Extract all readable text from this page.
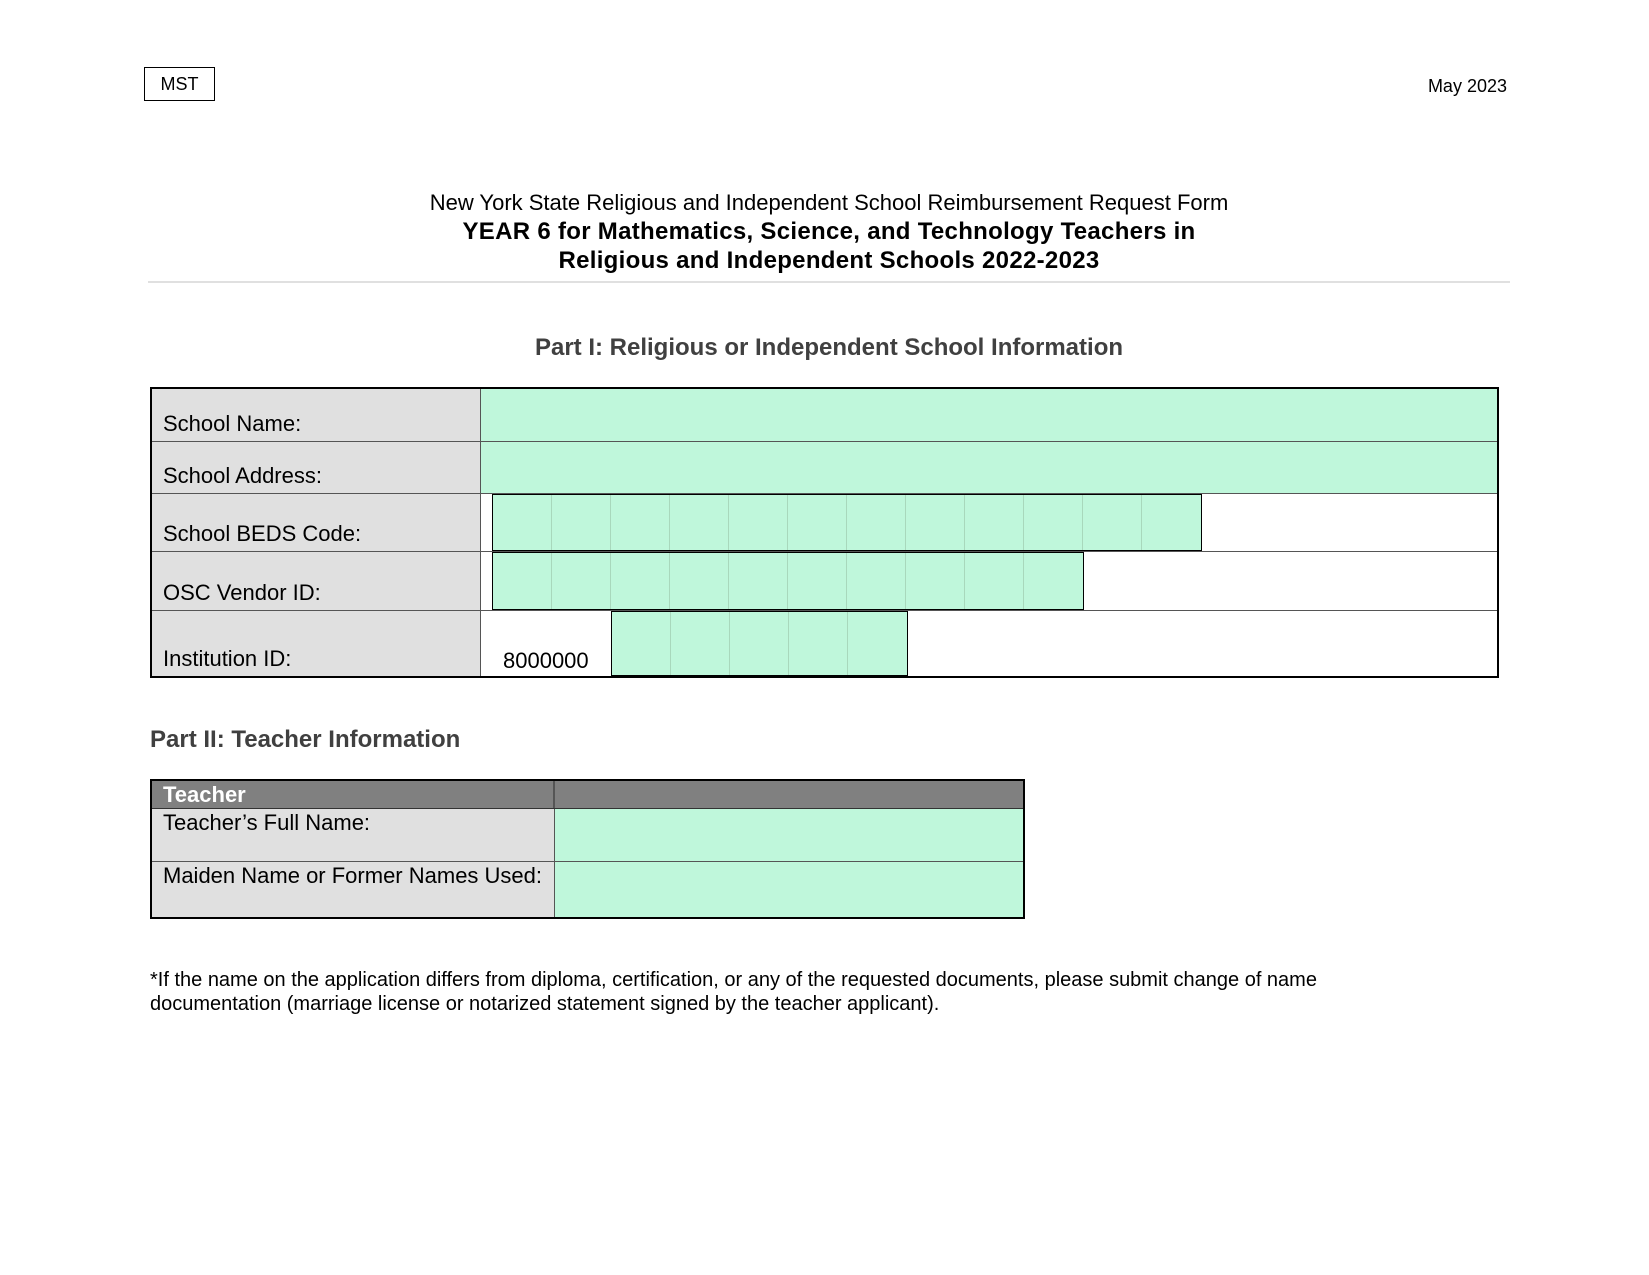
MST	May 2023
New York State Religious and Independent School Reimbursement Request Form
YEAR 6 for Mathematics, Science, and Technology Teachers in
Religious and Independent Schools 2022-2023
Part I: Religious or Independent School Information
School Name:
School Address:
School BEDS Code:
OSC Vendor ID:
Institution ID:	8000000
Part II: Teacher Information
Teacher
Teacher’s Full Name:
Maiden Name or Former Names Used:
*If the name on the application differs from diploma, certification, or any of the requested documents, please submit change of name documentation (marriage license or notarized statement signed by the teacher applicant).
